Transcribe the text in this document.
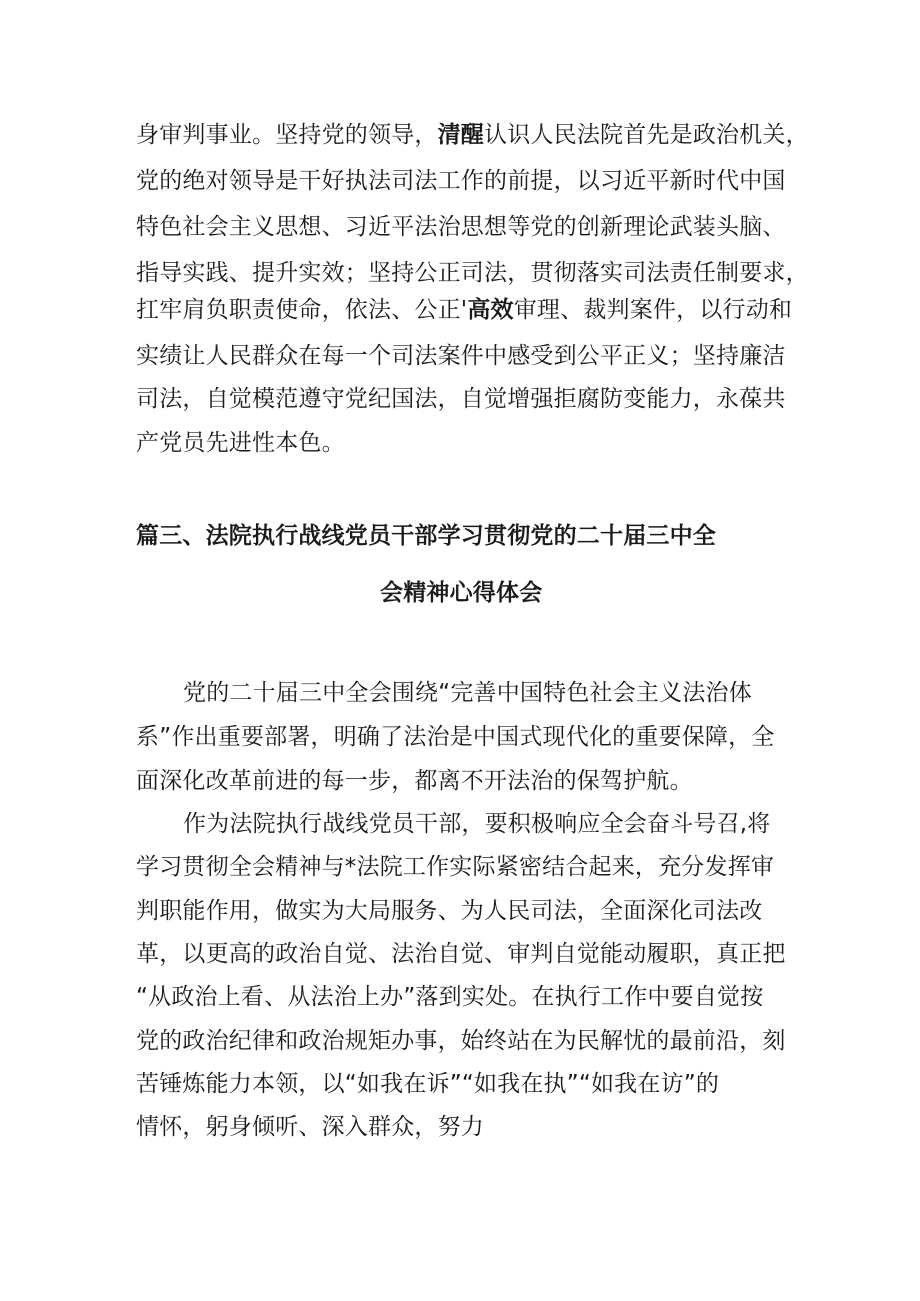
身审判事业。坚持党的领导，清醒认识人民法院首先是政治机关，
党的绝对领导是干好执法司法工作的前提，以习近平新时代中国
特色社会主义思想、习近平法治思想等党的创新理论武装头脑、
指导实践、提升实效；坚持公正司法，贯彻落实司法责任制要求，
扛牢肩负职责使命，依法、公正'高效审理、裁判案件，以行动和
实绩让人民群众在每一个司法案件中感受到公平正义；坚持廉洁
司法，自觉模范遵守党纪国法，自觉增强拒腐防变能力，永葆共
产党员先进性本色。
篇三、法院执行战线党员干部学习贯彻党的二十届三中全
会精神心得体会
党的二十届三中全会围绕“完善中国特色社会主义法治体
系”作出重要部署，明确了法治是中国式现代化的重要保障，全
面深化改革前进的每一步，都离不开法治的保驾护航。
作为法院执行战线党员干部，要积极响应全会奋斗号召,将
学习贯彻全会精神与*法院工作实际紧密结合起来，充分发挥审
判职能作用，做实为大局服务、为人民司法，全面深化司法改
革，以更高的政治自觉、法治自觉、审判自觉能动履职，真正把
“从政治上看、从法治上办”落到实处。在执行工作中要自觉按
党的政治纪律和政治规矩办事，始终站在为民解忧的最前沿，刻
苦锤炼能力本领，以“如我在诉”“如我在执”“如我在访”的
情怀，躬身倾听、深入群众，努力
